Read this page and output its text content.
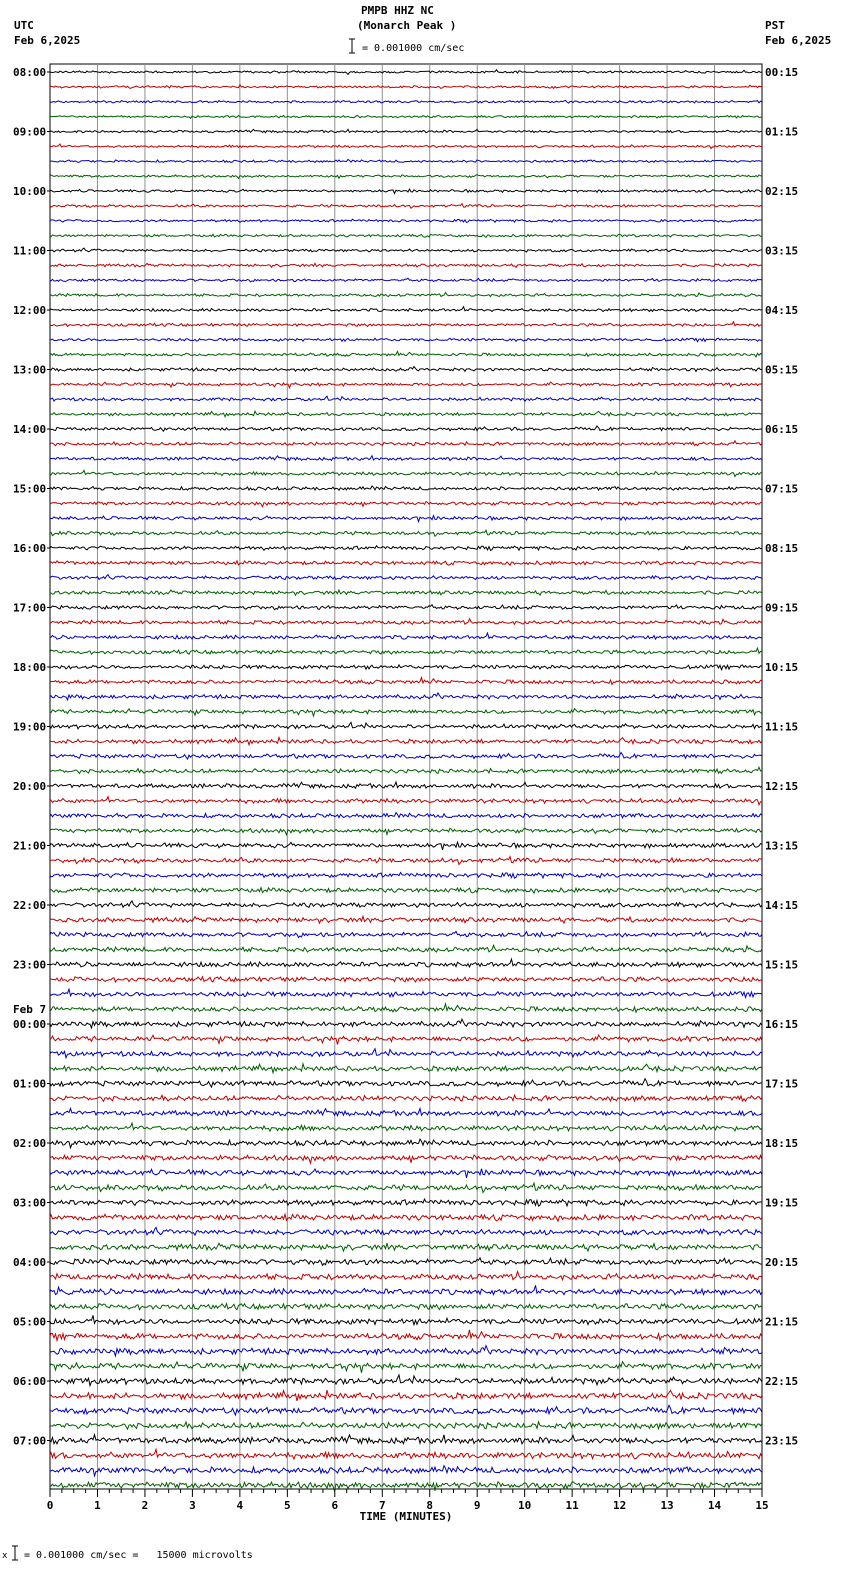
PMPB HHZ NC
(Monarch Peak )
UTC
Feb 6,2025
PST
Feb 6,2025
= 0.001000 cm/sec
08:00
09:00
10:00
11:00
12:00
13:00
14:00
15:00
16:00
17:00
18:00
19:00
20:00
21:00
22:00
23:00
00:00
01:00
02:00
03:00
04:00
05:00
06:00
07:00
00:15
01:15
02:15
03:15
04:15
05:15
06:15
07:15
08:15
09:15
10:15
11:15
12:15
13:15
14:15
15:15
16:15
17:15
18:15
19:15
20:15
21:15
22:15
23:15
Feb 7
0	1	2	3	4	5	6	7	8	9	10	11	12	13	14	15
TIME (MINUTES)
x = 0.001000 cm/sec =   15000 microvolts
